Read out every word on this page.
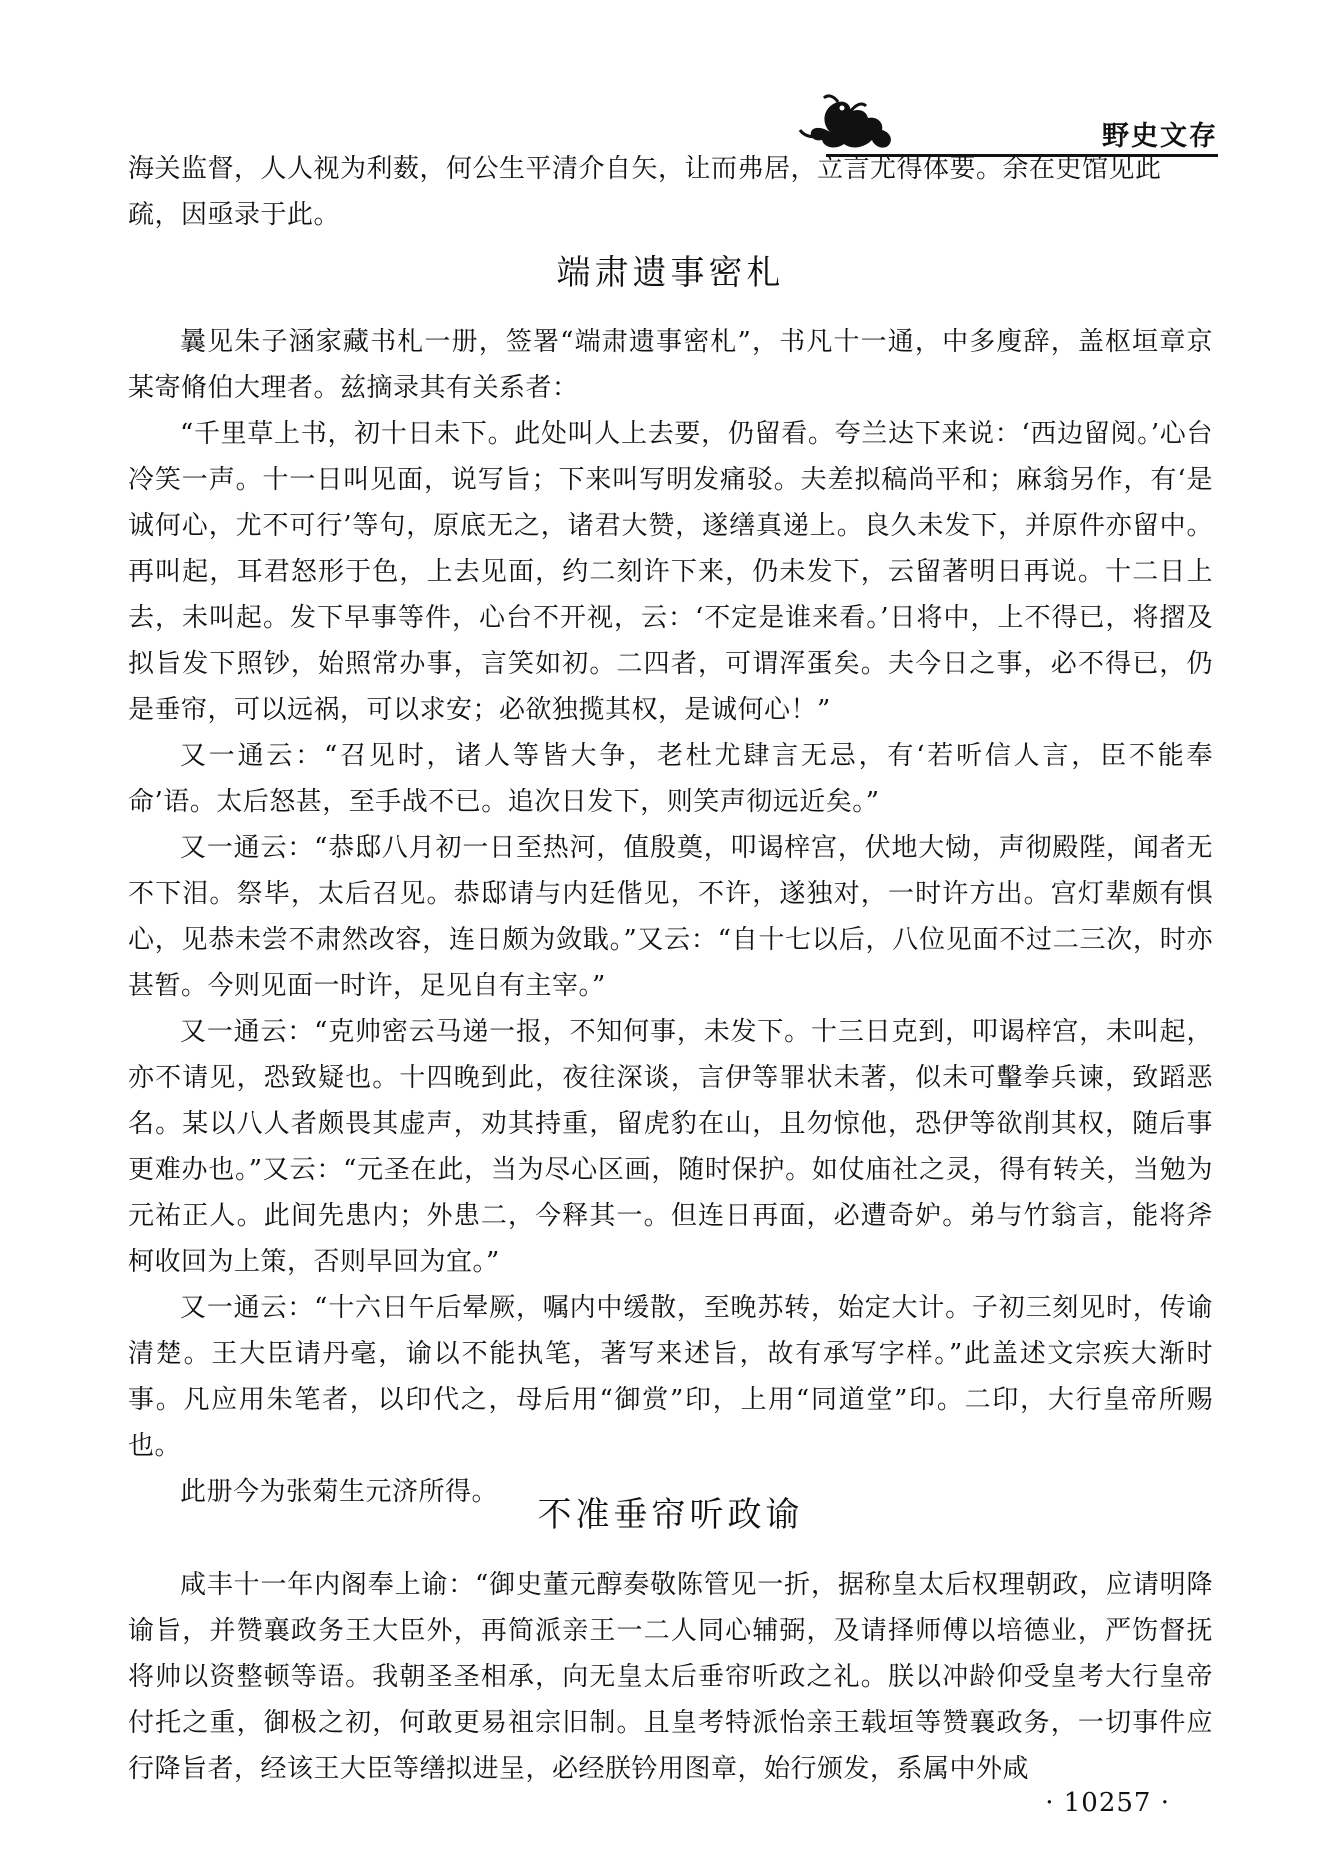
野史文存

海关监督，人人视为利薮，何公生平清介自矢，让而弗居，立言尤得体要。余在史馆见此

疏，因亟录于此。

端肃遗事密札

曩见朱子涵家藏书札一册，签署“端肃遗事密札”，书凡十一通，中多廋辞，盖枢垣章京某寄脩伯大理者。兹摘录其有关系者：

“千里草上书，初十日未下。此处叫人上去要，仍留看。夸兰达下来说：‘西边留阅。’心台冷笑一声。十一日叫见面，说写旨；下来叫写明发痛驳。夫差拟稿尚平和；麻翁另作，有‘是诚何心，尤不可行’等句，原底无之，诸君大赞，遂缮真递上。良久未发下，并原件亦留中。再叫起，耳君怒形于色，上去见面，约二刻许下来，仍未发下，云留著明日再说。十二日上去，未叫起。发下早事等件，心台不开视，云：‘不定是谁来看。’日将中，上不得已，将摺及拟旨发下照钞，始照常办事，言笑如初。二四者，可谓浑蛋矣。夫今日之事，必不得已，仍是垂帘，可以远祸，可以求安；必欲独揽其权，是诚何心！”

又一通云：“召见时，诸人等皆大争，老杜尤肆言无忌，有‘若听信人言，臣不能奉命’语。太后怒甚，至手战不已。追次日发下，则笑声彻远近矣。”

又一通云：“恭邸八月初一日至热河，值殷奠，叩谒梓宫，伏地大恸，声彻殿陛，闻者无不下泪。祭毕，太后召见。恭邸请与内廷偕见，不许，遂独对，一时许方出。宫灯辈颇有惧心，见恭未尝不肃然改容，连日颇为敛戢。”又云：“自十七以后，八位见面不过二三次，时亦甚暂。今则见面一时许，足见自有主宰。”

又一通云：“克帅密云马递一报，不知何事，未发下。十三日克到，叩谒梓宫，未叫起，亦不请见，恐致疑也。十四晚到此，夜往深谈，言伊等罪状未著，似未可轚拳兵谏，致蹈恶名。某以八人者颇畏其虚声，劝其持重，留虎豹在山，且勿惊他，恐伊等欲削其权，随后事更难办也。”又云：“元圣在此，当为尽心区画，随时保护。如仗庙社之灵，得有转关，当勉为元祐正人。此间先患内；外患二，今释其一。但连日再面，必遭奇妒。弟与竹翁言，能将斧柯收回为上策，否则早回为宜。”

又一通云：“十六日午后晕厥，嘱内中缓散，至晚苏转，始定大计。子初三刻见时，传谕清楚。王大臣请丹毫，谕以不能执笔，著写来述旨，故有承写字样。”此盖述文宗疾大渐时事。凡应用朱笔者，以印代之，母后用“御赏”印，上用“同道堂”印。二印，大行皇帝所赐也。

此册今为张菊生元济所得。

不准垂帘听政谕

咸丰十一年内阁奉上谕：“御史董元醇奏敬陈管见一折，据称皇太后权理朝政，应请明降谕旨，并赞襄政务王大臣外，再简派亲王一二人同心辅弼，及请择师傅以培德业，严饬督抚将帅以资整顿等语。我朝圣圣相承，向无皇太后垂帘听政之礼。朕以冲龄仰受皇考大行皇帝付托之重，御极之初，何敢更易祖宗旧制。且皇考特派怡亲王载垣等赞襄政务，一切事件应行降旨者，经该王大臣等缮拟进呈，必经朕钤用图章，始行颁发，系属中外咸

· 10257 ·
